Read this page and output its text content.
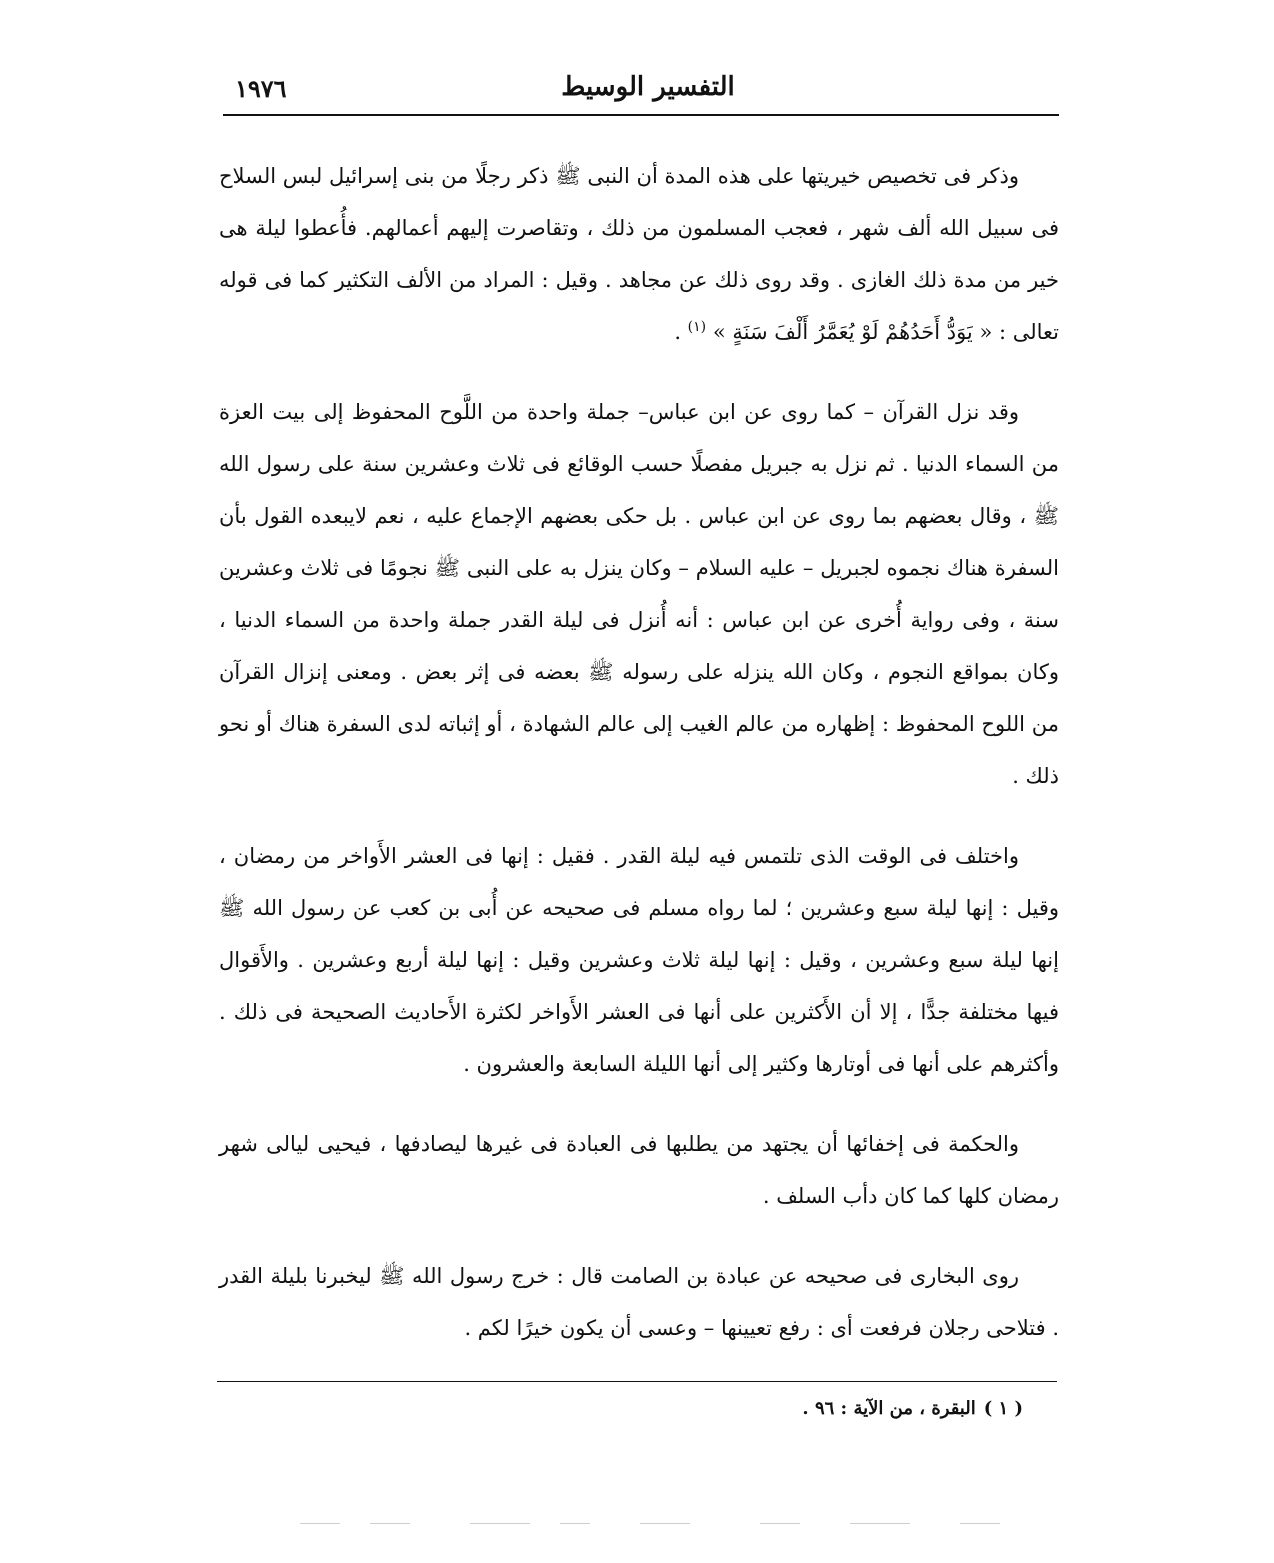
١٩٧٦	التفسير الوسيط

وذكر فى تخصيص خيريتها على هذه المدة أن النبى ﷺ ذكر رجلًا من بنى إسرائيل لبس السلاح فى سبيل الله ألف شهر ، فعجب المسلمون من ذلك ، وتقاصرت إليهم أعمالهم. فأُعطوا ليلة هى خير من مدة ذلك الغازى . وقد روى ذلك عن مجاهد . وقيل : المراد من الألف التكثير كما فى قوله تعالى : « يَوَدُّ أَحَدُهُمْ لَوْ يُعَمَّرُ أَلْفَ سَنَةٍ » $^{(١)}$ .

وقد نزل القرآن – كما روى عن ابن عباس– جملة واحدة من اللَّوح المحفوظ إلى بيت العزة من السماء الدنيا . ثم نزل به جبريل مفصلًا حسب الوقائع فى ثلاث وعشرين سنة على رسول الله ﷺ ، وقال بعضهم بما روى عن ابن عباس . بل حكى بعضهم الإجماع عليه ، نعم لايبعده القول بأن السفرة هناك نجموه لجبريل – عليه السلام – وكان ينزل به على النبى ﷺ نجومًا فى ثلاث وعشرين سنة ، وفى رواية أُخرى عن ابن عباس : أنه أُنزل فى ليلة القدر جملة واحدة من السماء الدنيا ، وكان بمواقع النجوم ، وكان الله ينزله على رسوله ﷺ بعضه فى إثر بعض . ومعنى إنزال القرآن من اللوح المحفوظ : إظهاره من عالم الغيب إلى عالم الشهادة ، أو إثباته لدى السفرة هناك أو نحو ذلك .

واختلف فى الوقت الذى تلتمس فيه ليلة القدر . فقيل : إنها فى العشر الأَواخر من رمضان ، وقيل : إنها ليلة سبع وعشرين ؛ لما رواه مسلم فى صحيحه عن أُبى بن كعب عن رسول الله ﷺ إنها ليلة سبع وعشرين ، وقيل : إنها ليلة ثلاث وعشرين وقيل : إنها ليلة أربع وعشرين . والأَقوال فيها مختلفة جدًّا ، إلا أن الأَكثرين على أنها فى العشر الأَواخر لكثرة الأَحاديث الصحيحة فى ذلك . وأكثرهم على أنها فى أوتارها وكثير إلى أنها الليلة السابعة والعشرون .

والحكمة فى إخفائها أن يجتهد من يطلبها فى العبادة فى غيرها ليصادفها ، فيحيى ليالى شهر رمضان كلها كما كان دأب السلف .

روى البخارى فى صحيحه عن عبادة بن الصامت قال : خرج رسول الله ﷺ ليخبرنا بليلة القدر . فتلاحى رجلان فرفعت أى : رفع تعيينها – وعسى أن يكون خيرًا لكم .

( ١ )البقرة ، من الآية : ٩٦ .
